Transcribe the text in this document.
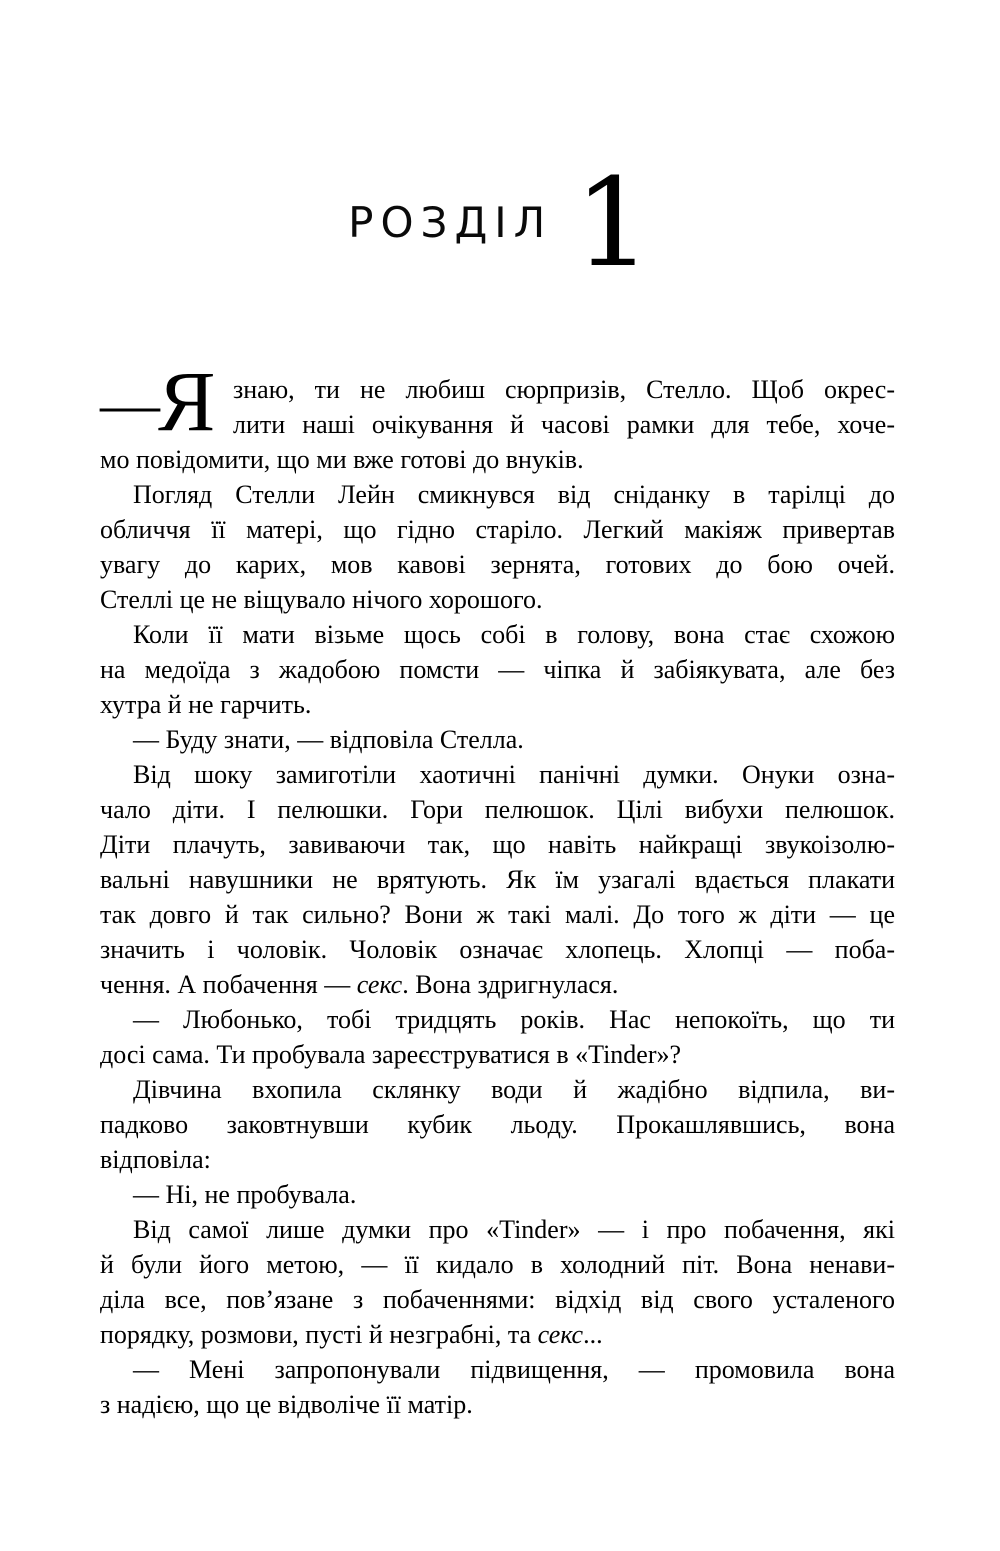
РОЗДІЛ 1
—
Я знаю, ти не любиш сюрпризів, Стелло. Щоб окрес-
лити наші очікування й часові рамки для тебе, хоче-
мо повідомити, що ми вже готові до внуків.
Погляд Стелли Лейн смикнувся від сніданку в тарілці до
обличчя її матері, що гідно старіло. Легкий макіяж привертав
увагу до карих, мов кавові зернята, готових до бою очей.
Стеллі це не віщувало нічого хорошого.
Коли її мати візьме щось собі в голову, вона стає схожою
на медоїда з жадобою помсти — чіпка й забіякувата, але без
хутра й не гарчить.
— Буду знати, — відповіла Стелла.
Від шоку замиготіли хаотичні панічні думки. Онуки озна-
чало діти. І пелюшки. Гори пелюшок. Цілі вибухи пелюшок.
Діти плачуть, завиваючи так, що навіть найкращі звукоізолю-
вальні навушники не врятують. Як їм узагалі вдається плакати
так довго й так сильно? Вони ж такі малі. До того ж діти — це
значить і чоловік. Чоловік означає хлопець. Хлопці — поба-
чення. А побачення — секс. Вона здригнулася.
— Любонько, тобі тридцять років. Нас непокоїть, що ти
досі сама. Ти пробувала зареєструватися в «Tinder»?
Дівчина вхопила склянку води й жадібно відпила, ви-
падково заковтнувши кубик льоду. Прокашлявшись, вона
відповіла:
— Ні, не пробувала.
Від самої лише думки про «Tinder» — і про побачення, які
й були його метою, — її кидало в холодний піт. Вона ненави-
діла все, пов’язане з побаченнями: відхід від свого усталеного
порядку, розмови, пусті й незграбні, та секс...
— Мені запропонували підвищення, — промовила вона
з надією, що це відволіче її матір.
